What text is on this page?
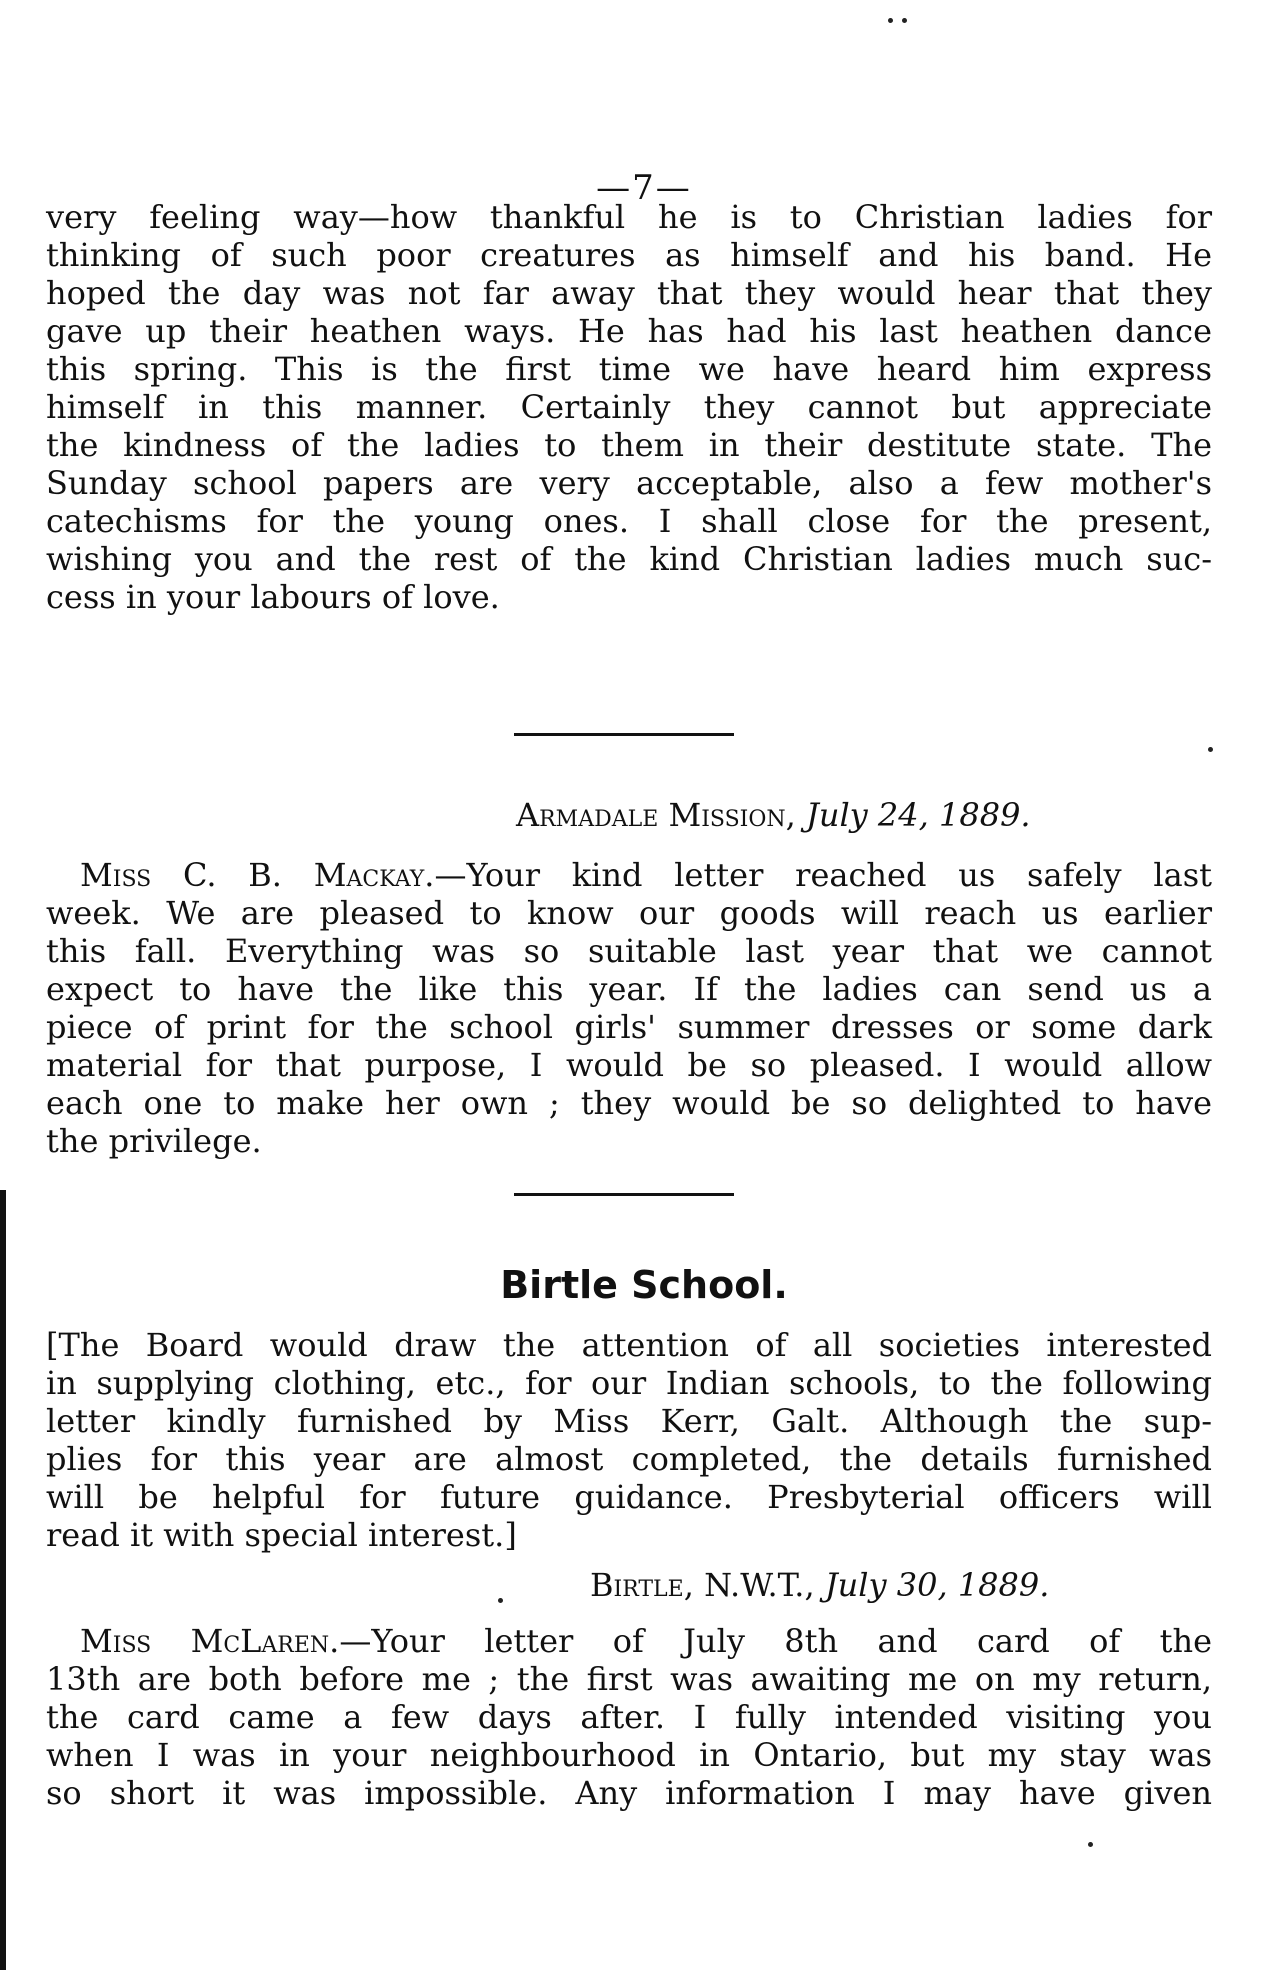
—7—
very feeling way—how thankful he is to Christian ladies for
thinking of such poor creatures as himself and his band. He
hoped the day was not far away that they would hear that they
gave up their heathen ways. He has had his last heathen dance
this spring. This is the first time we have heard him express
himself in this manner. Certainly they cannot but appreciate
the kindness of the ladies to them in their destitute state. The
Sunday school papers are very acceptable, also a few mother's
catechisms for the young ones. I shall close for the present,
wishing you and the rest of the kind Christian ladies much suc-
cess in your labours of love.
Armadale Mission, July 24, 1889.
Miss C. B. Mackay.—Your kind letter reached us safely last
week. We are pleased to know our goods will reach us earlier
this fall. Everything was so suitable last year that we cannot
expect to have the like this year. If the ladies can send us a
piece of print for the school girls' summer dresses or some dark
material for that purpose, I would be so pleased. I would allow
each one to make her own ; they would be so delighted to have
the privilege.
Birtle School.
[The Board would draw the attention of all societies interested
in supplying clothing, etc., for our Indian schools, to the following
letter kindly furnished by Miss Kerr, Galt. Although the sup-
plies for this year are almost completed, the details furnished
will be helpful for future guidance. Presbyterial officers will
read it with special interest.]
Birtle, N.W.T., July 30, 1889.
Miss McLaren.—Your letter of July 8th and card of the
13th are both before me ; the first was awaiting me on my return,
the card came a few days after. I fully intended visiting you
when I was in your neighbourhood in Ontario, but my stay was
so short it was impossible. Any information I may have given
